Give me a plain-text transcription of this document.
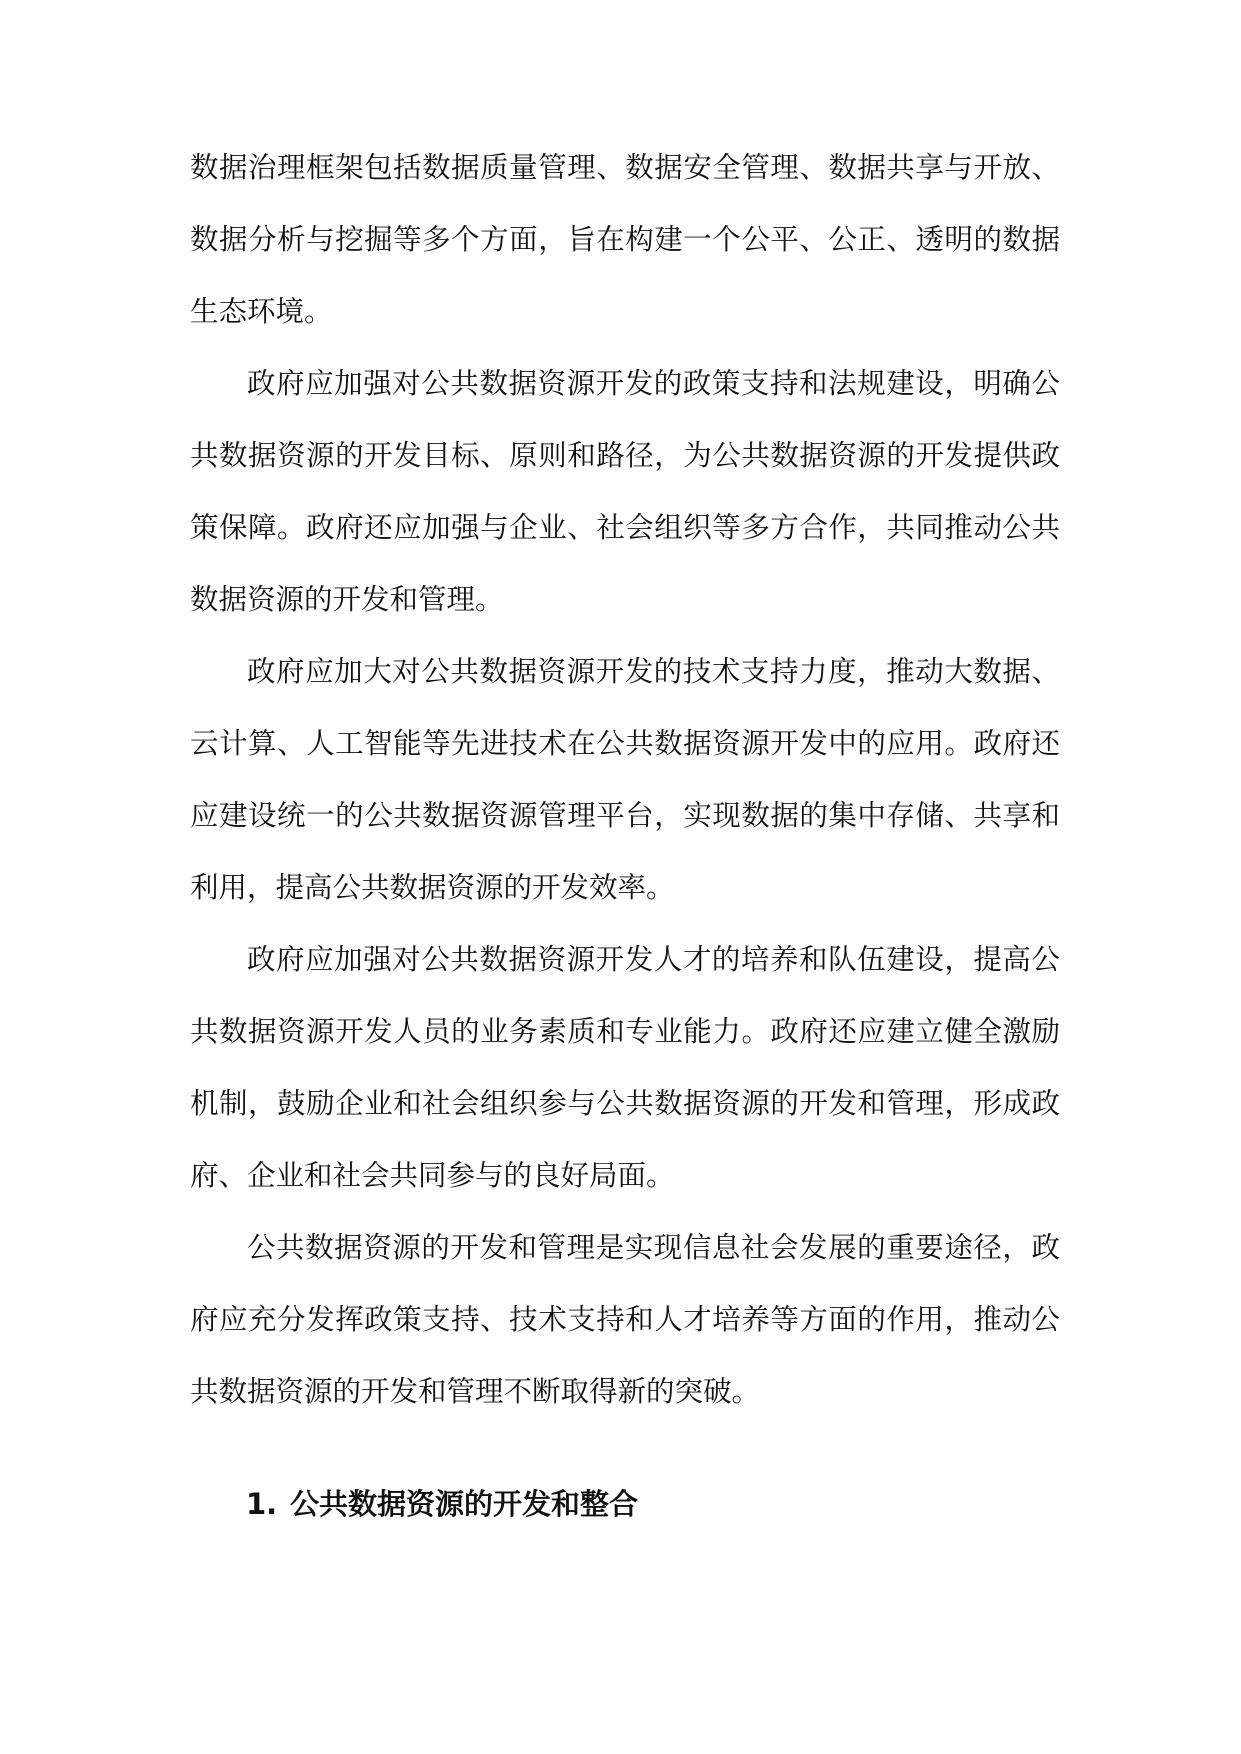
数据治理框架包括数据质量管理、数据安全管理、数据共享与开放、数据分析与挖掘等多个方面，旨在构建一个公平、公正、透明的数据生态环境。

政府应加强对公共数据资源开发的政策支持和法规建设，明确公共数据资源的开发目标、原则和路径，为公共数据资源的开发提供政策保障。政府还应加强与企业、社会组织等多方合作，共同推动公共数据资源的开发和管理。

政府应加大对公共数据资源开发的技术支持力度，推动大数据、云计算、人工智能等先进技术在公共数据资源开发中的应用。政府还应建设统一的公共数据资源管理平台，实现数据的集中存储、共享和利用，提高公共数据资源的开发效率。

政府应加强对公共数据资源开发人才的培养和队伍建设，提高公共数据资源开发人员的业务素质和专业能力。政府还应建立健全激励机制，鼓励企业和社会组织参与公共数据资源的开发和管理，形成政府、企业和社会共同参与的良好局面。

公共数据资源的开发和管理是实现信息社会发展的重要途径，政府应充分发挥政策支持、技术支持和人才培养等方面的作用，推动公共数据资源的开发和管理不断取得新的突破。

1. 公共数据资源的开发和整合
